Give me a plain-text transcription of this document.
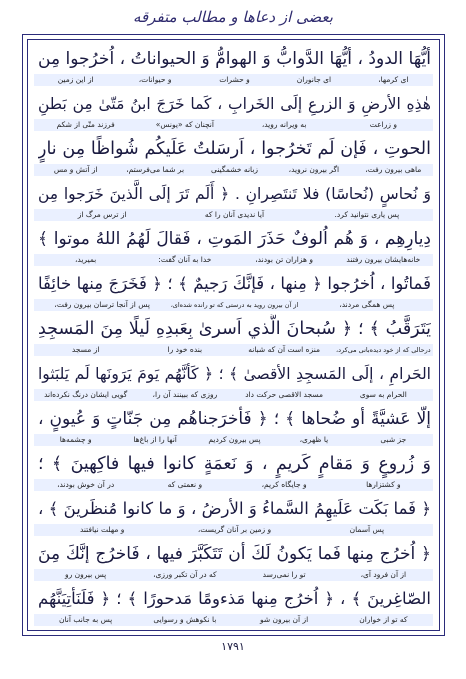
بعضی از دعاها و مطالب متفرقه
أيُّهَا الدودُ ، أيُّهَا الدَّوابُّ وَ الهوامُّ وَ الحيواناتُ ، اُخرُجوا مِن
ای کرمها،
ای جانوران
و حشرات
و حیوانات،
از این زمین
هٰذِهِ الأرضِ وَ الزرعِ إلَى الخَرابِ ، كَما خَرَجَ ابنُ مَتّىٰ مِن بَطنِ
و زراعت
به ویرانه روید،
آنچنان که «یونس»
فرزند متّی از شکم
الحوتِ ، فَإن لَم تَخرُجوا ، اَرسَلتُ عَلَيكُم شُواظًا مِن نارٍ
ماهی بیرون رفت،
اگر بیرون نروید،
زبانه خشمگینی
بر شما می‌فرستم،
از آتش و مس
وَ نُحاسٍ (نُحاسًا) فلا تَنتَصِرانِ . ﴿ أَلَم تَرَ إلَى الَّذينَ خَرَجوا مِن
پس یاری نتوانید کرد.
آیا ندیدی آنان را که
از ترس مرگ از
دِيارِهِم ، وَ هُم اُلوفٌ حَذَرَ المَوتِ ، فَقالَ لَهُمُ اللهُ موتوا ﴾
خانه‌هایشان بیرون رفتند
و هزاران تن بودند،
خدا به آنان گفت:
بمیرید،
فَماتُوا ، اُخرُجوا ﴿ مِنها ، فَإنَّكَ رَجيمٌ ﴾ ؛ ﴿ فَخَرَجَ مِنها خائِفًا
پس همگی مردند،
از آن بیرون روید به درستی که تو رانده شده‌ای،
پس از آنجا ترسان بیرون رفت،
يَتَرَقَّبُ ﴾ ؛ ﴿ سُبحانَ الَّذي اَسرىٰ بِعَبدِهِ لَيلًا مِنَ المَسجِدِ
درحالی که از خود دیده‌بانی می‌کرد،
منزه است آن که شبانه
بنده خود را
از مسجد
الحَرامِ ، إلَى المَسجِدِ الأقصىٰ ﴾ ؛ ﴿ كَأنَّهُم يَومَ يَرَونَها لَم يَلبَثوا
الحرام به سوی
مسجد الاقصی حرکت داد
روزی که ببینند آن را،
گویی ایشان درنگ نکرده‌اند
إلّا عَشيَّةً أو ضُحاها ﴾ ؛ ﴿ فَأخرَجناهُم مِن جَنّاتٍ وَ عُيونٍ ،
جز شبی
یا ظهری،
پس بیرون کردیم
آنها را از باغ‌ها
و چشمه‌ها
وَ زُروعٍ وَ مَقامٍ كَريمٍ ، وَ نَعمَةٍ كانوا فيها فاكِهينَ ﴾ ؛
و کشتزارها
و جایگاه کریم،
و نعمتی که
در آن خوش بودند،
﴿ فَما بَكَت عَلَيهِمُ السَّماءُ وَ الأرضُ ، وَ ما كانوا مُنظَرينَ ﴾ ،
پس آسمان
و زمین بر آنان گریست،
و مهلت نیافتند
﴿ اُخرُج مِنها فَما يَكونُ لَكَ أن تَتَكَبَّرَ فيها ، فَاخرُج إنَّكَ مِنَ
از آن فرود آی،
تو را نمی‌رسد
که در آن تکبر ورزی،
پس بیرون رو
الصّاغِرينَ ﴾ ، ﴿ اُخرُج مِنها مَذءومًا مَدحورًا ﴾ ؛ ﴿ فَلَنَأتِيَنَّهُم
که تو از خواران
از آن بیرون شو
با نکوهش و رسوایی
پس به جانب آنان
۱۷۹۱
